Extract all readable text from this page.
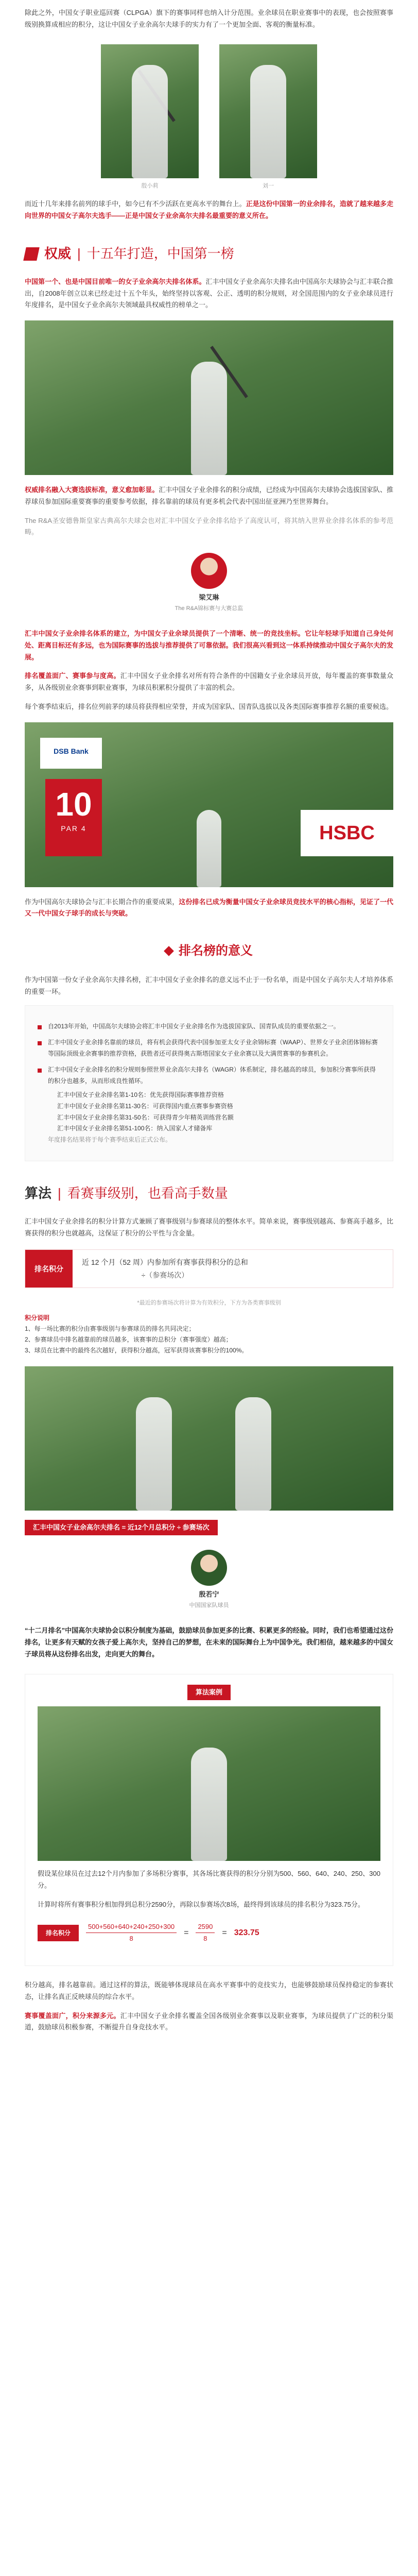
除此之外，中国女子职业巡回赛（CLPGA）旗下的赛事同样也纳入计分范围。业余球员在职业赛事中的表现，也会按照赛事级别换算成相应的积分，这让中国女子业余高尔夫球手的实力有了一个更加全面、客观的衡量标准。

殷小莉	刘一

而近十几年来排名前列的球手中，如今已有不少活跃在更高水平的舞台上。正是这份中国第一的业余排名，造就了越来越多走向世界的中国女子高尔夫选手——正是中国女子业余高尔夫排名最重要的意义所在。

权威 | 十五年打造，中国第一榜

中国第一个、也是中国目前唯一的女子业余高尔夫排名体系。汇丰中国女子业余高尔夫排名由中国高尔夫球协会与汇丰联合推出，自2008年创立以来已经走过十五个年头，始终坚持以客观、公正、透明的积分规则，对全国范围内的女子业余球员进行年度排名，是中国女子业余高尔夫领域最具权威性的榜单之一。

权威排名融入大赛选拔标准，意义愈加彰显。汇丰中国女子业余排名的积分成绩，已经成为中国高尔夫球协会选拔国家队、推荐球员参加国际重要赛事的重要参考依据，排名靠前的球员有更多机会代表中国出征亚洲乃至世界舞台。

The R&A圣安德鲁斯皇家古典高尔夫球会也对汇丰中国女子业余排名给予了高度认可，将其纳入世界业余排名体系的参考范畴。

梁艾琳
The R&A锦标赛与大赛总监

汇丰中国女子业余排名体系的建立，为中国女子业余球员提供了一个清晰、统一的竞技坐标。它让年轻球手知道自己身处何处、距离目标还有多远，也为国际赛事的选拔与推荐提供了可靠依据。我们很高兴看到这一体系持续推动中国女子高尔夫的发展。

排名覆盖面广、赛事参与度高。汇丰中国女子业余排名对所有符合条件的中国籍女子业余球员开放，每年覆盖的赛事数量众多，从各级别业余赛事到职业赛事，为球员积累积分提供了丰富的机会。

每个赛季结束后，排名位列前茅的球员将获得相应荣誉，并成为国家队、国青队选拔以及各类国际赛事推荐名额的重要候选。

DSB Bank
10
PAR 4	HSBC

作为中国高尔夫球协会与汇丰长期合作的重要成果，这份排名已成为衡量中国女子业余球员竞技水平的核心指标，见证了一代又一代中国女子球手的成长与突破。

排名榜的意义

作为中国第一份女子业余高尔夫排名榜，汇丰中国女子业余排名的意义远不止于一份名单，而是中国女子高尔夫人才培养体系的重要一环。

自2013年开始，中国高尔夫球协会将汇丰中国女子业余排名作为选拔国家队、国青队成员的重要依据之一。
汇丰中国女子业余排名靠前的球员，将有机会获得代表中国参加亚太女子业余锦标赛（WAAP）、世界女子业余团体锦标赛等国际顶级业余赛事的推荐资格，获胜者还可获得奥古斯塔国家女子业余赛以及大满贯赛事的参赛机会。
汇丰中国女子业余排名的积分规则参照世界业余高尔夫排名（WAGR）体系制定，排名越高的球员，参加积分赛事所获得的积分也越多，从而形成良性循环。
汇丰中国女子业余排名第1-10名：优先获得国际赛事推荐资格
汇丰中国女子业余排名第11-30名：可获得国内重点赛事参赛资格
汇丰中国女子业余排名第31-50名：可获得青少年精英训练营名额
汇丰中国女子业余排名第51-100名：纳入国家人才储备库
年度排名结果将于每个赛季结束后正式公布。
算法 | 看赛事级别，也看高手数量

汇丰中国女子业余排名的积分计算方式兼顾了赛事级别与参赛球员的整体水平。简单来说，赛事级别越高、参赛高手越多，比赛获得的积分也就越高，这保证了积分的公平性与含金量。

排名积分
近 12 个月（52 周）内参加所有赛事获得积分的总和
÷（参赛场次）
*最近的参赛场次将计算为有效积分，下方为各类赛事级别
积分说明
1、每一场比赛的积分由赛事级别与参赛球员的排名共同决定；
2、参赛球员中排名越靠前的球员越多，该赛事的总积分（赛事强度）越高；
3、球员在比赛中的最终名次越好，获得积分越高，冠军获得该赛事积分的100%。

汇丰中国女子业余高尔夫排名 = 近12个月总积分 ÷ 参赛场次

殷若宁
中国国家队球员

“十二月排名”中国高尔夫球协会以积分制度为基础，鼓励球员参加更多的比赛、积累更多的经验。同时，我们也希望通过这份排名，让更多有天赋的女孩子爱上高尔夫，坚持自己的梦想，在未来的国际舞台上为中国争光。我们相信，越来越多的中国女子球员将从这份排名出发，走向更大的舞台。

算法案例

假设某位球员在过去12个月内参加了多场积分赛事，其各场比赛获得的积分分别为500、560、640、240、250、300分。

计算时将所有赛事积分相加得到总积分2590分，再除以参赛场次8场，最终得到该球员的排名积分为323.75分。

排名积分	$\frac{500+560+640+240+250+300}{8} = \frac{2590}{8} = 323.75$

积分越高，排名越靠前。通过这样的算法，既能够体现球员在高水平赛事中的竞技实力，也能够鼓励球员保持稳定的参赛状态，让排名真正反映球员的综合水平。

赛事覆盖面广，积分来源多元。汇丰中国女子业余排名覆盖全国各级别业余赛事以及职业赛事，为球员提供了广泛的积分渠道，鼓励球员积极参赛，不断提升自身竞技水平。
